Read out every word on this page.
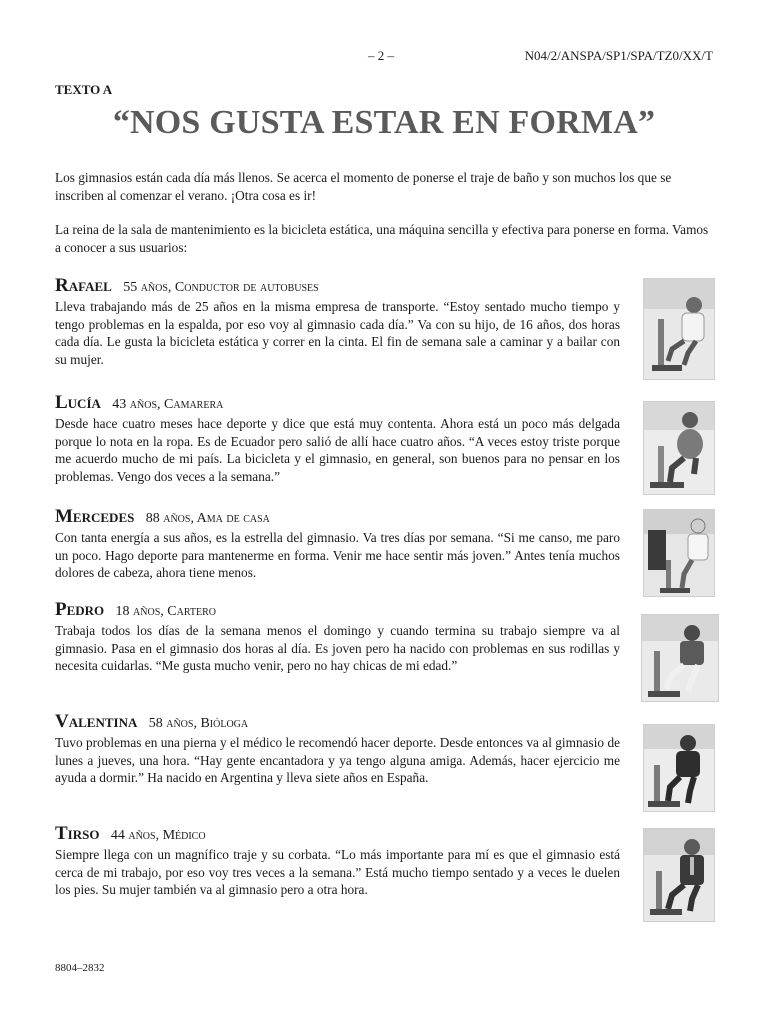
– 2 –	N04/2/ANSPA/SP1/SPA/TZ0/XX/T
TEXTO A
“NOS GUSTA ESTAR EN FORMA”

Los gimnasios están cada día más llenos. Se acerca el momento de ponerse el traje de baño y son muchos los que se inscriben al comenzar el verano. ¡Otra cosa es ir!

La reina de la sala de mantenimiento es la bicicleta estática, una máquina sencilla y efectiva para ponerse en forma. Vamos a conocer a sus usuarios:

Rafael 55 años, Conductor de autobuses

Lleva trabajando más de 25 años en la misma empresa de transporte. “Estoy sentado mucho tiempo y tengo problemas en la espalda, por eso voy al gimnasio cada día.” Va con su hijo, de 16 años, dos horas cada día. Le gusta la bicicleta estática y correr en la cinta. El fin de semana sale a caminar y a bailar con su mujer.

Lucía 43 años, Camarera

Desde hace cuatro meses hace deporte y dice que está muy contenta. Ahora está un poco más delgada porque lo nota en la ropa. Es de Ecuador pero salió de allí hace cuatro años. “A veces estoy triste porque me acuerdo mucho de mi país. La bicicleta y el gimnasio, en general, son buenos para no pensar en los problemas. Vengo dos veces a la semana.”

Mercedes 88 años, Ama de casa

Con tanta energía a sus años, es la estrella del gimnasio. Va tres días por semana. “Si me canso, me paro un poco. Hago deporte para mantenerme en forma. Venir me hace sentir más joven.” Antes tenía muchos dolores de cabeza, ahora tiene menos.

Pedro 18 años, Cartero

Trabaja todos los días de la semana menos el domingo y cuando termina su trabajo siempre va al gimnasio. Pasa en el gimnasio dos horas al día. Es joven pero ha nacido con problemas en sus rodillas y necesita cuidarlas. “Me gusta mucho venir, pero no hay chicas de mi edad.”

Valentina 58 años, Bióloga

Tuvo problemas en una pierna y el médico le recomendó hacer deporte. Desde entonces va al gimnasio de lunes a jueves, una hora. “Hay gente encantadora y ya tengo alguna amiga. Además, hacer ejercicio me ayuda a dormir.” Ha nacido en Argentina y lleva siete años en España.

Tirso 44 años, Médico

Siempre llega con un magnífico traje y su corbata. “Lo más importante para mí es que el gimnasio está cerca de mi trabajo, por eso voy tres veces a la semana.” Está mucho tiempo sentado y a veces le duelen los pies. Su mujer también va al gimnasio pero a otra hora.

8804–2832
